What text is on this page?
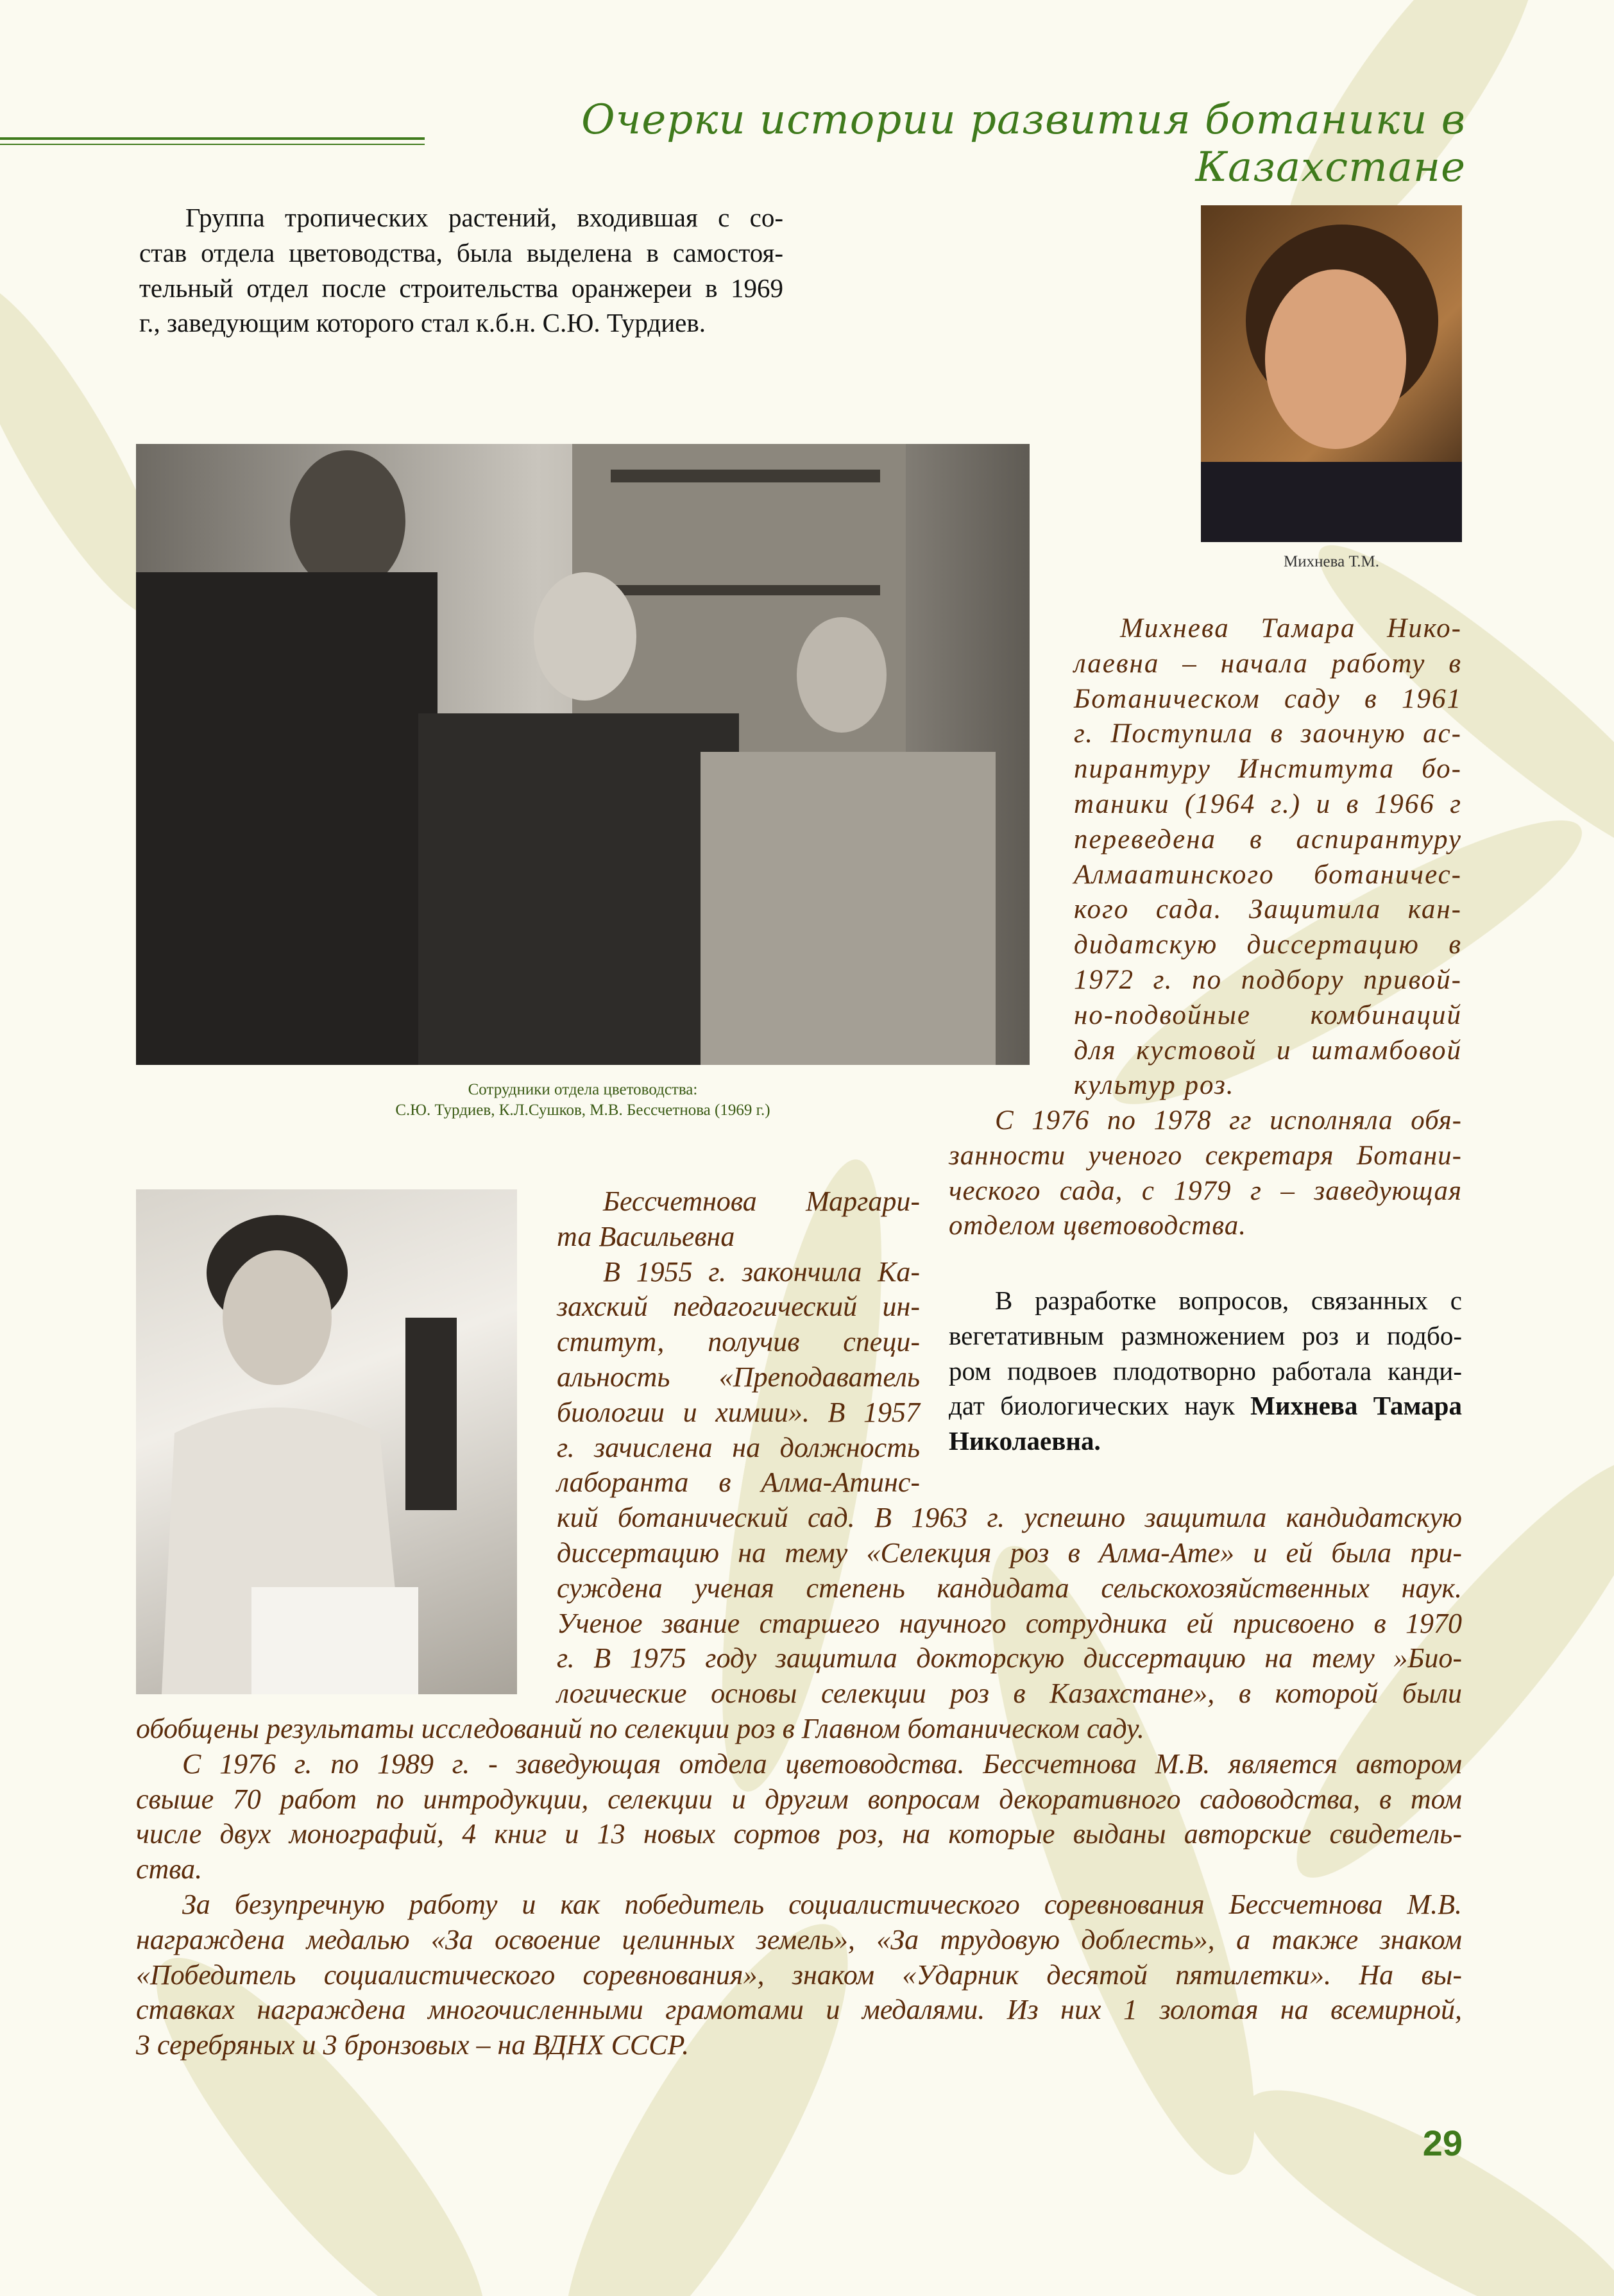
Очерки истории развития ботаники в Казахстане
Группа тропических растений, входившая с со-
став отдела цветоводства, была выделена в самостоя-
тельный отдел после строительства оранжереи в 1969
г., заведующим которого стал к.б.н. С.Ю. Турдиев.
Сотрудники отдела цветоводства:
С.Ю. Турдиев, К.Л.Сушков, М.В. Бессчетнова (1969 г.)
Михнева Т.М.
Михнева Тамара Нико-
лаевна – начала работу в
Ботаническом саду в 1961
г. Поступила в заочную ас-
пирантуру Института бо-
таники (1964 г.) и в 1966 г
переведена в аспирантуру
Алмаатинского ботаничес-
кого сада. Защитила кан-
дидатскую диссертацию в
1972 г. по подбору привой-
но-подвойные комбинаций
для кустовой и штамбовой
культур роз.
С 1976 по 1978 гг исполняла обя-
занности ученого секретаря Ботани-
ческого сада, с 1979 г – заведующая
отделом цветоводства.
В разработке вопросов, связанных с
вегетативным размножением роз и подбо-
ром подвоев плодотворно работала канди-
дат биологических наук Михнева Тамара
Николаевна.
Бессчетнова Маргари-
та Васильевна
В 1955 г. закончила Ка-
захский педагогический ин-
ститут, получив специ-
альность «Преподаватель
биологии и химии». В 1957
г. зачислена на должность
лаборанта в Алма-Атинс-
кий ботанический сад. В 1963 г. успешно защитила кандидатскую
диссертацию на тему «Селекция роз в Алма-Ате» и ей была при-
суждена ученая степень кандидата сельскохозяйственных наук.
Ученое звание старшего научного сотрудника ей присвоено в 1970
г. В 1975 году защитила докторскую диссертацию на тему »Био-
логические основы селекции роз в Казахстане», в которой были
обобщены результаты исследований по селекции роз в Главном ботаническом саду.
С 1976 г. по 1989 г. - заведующая отдела цветоводства. Бессчетнова М.В. является автором
свыше 70 работ по интродукции, селекции и другим вопросам декоративного садоводства, в том
числе двух монографий, 4 книг и 13 новых сортов роз, на которые выданы авторские свидетель-
ства.
За безупречную работу и как победитель социалистического соревнования Бессчетнова М.В.
награждена медалью «За освоение целинных земель», «За трудовую доблесть», а также знаком
«Победитель социалистического соревнования», знаком «Ударник десятой пятилетки». На вы-
ставках награждена многочисленными грамотами и медалями. Из них 1 золотая на всемирной,
3 серебряных и 3 бронзовых – на ВДНХ СССР.
29
